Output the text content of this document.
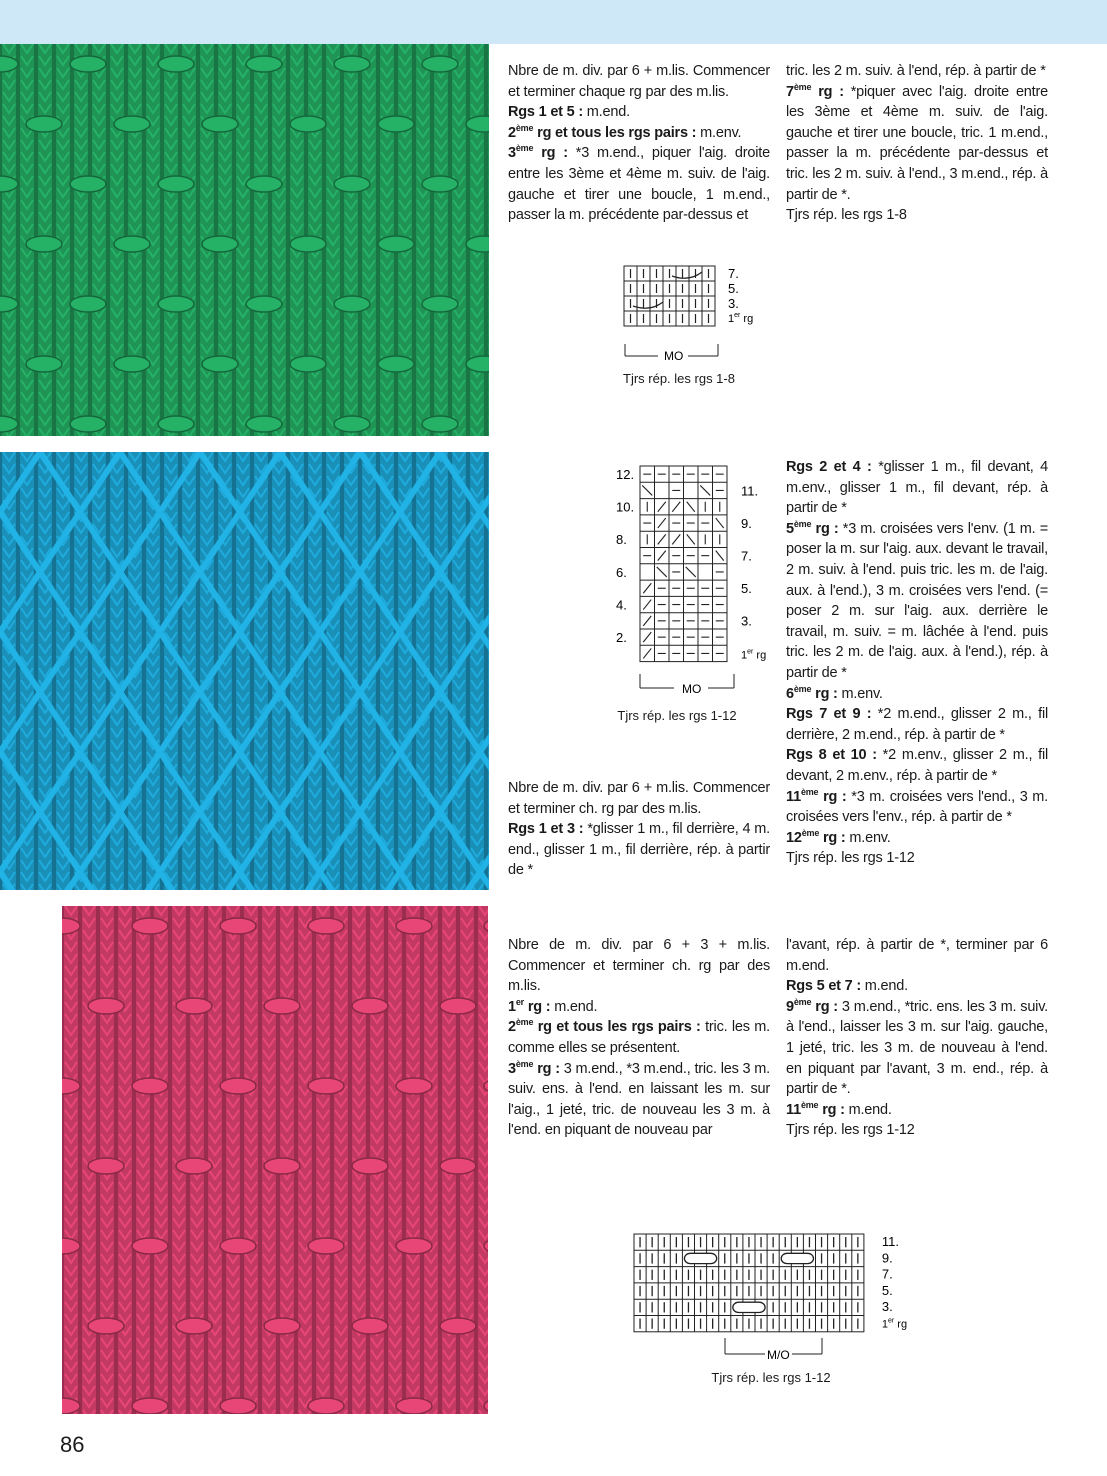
Nbre de m. div. par 6 + m.lis. Commencer et terminer chaque rg par des m.lis.

Rgs 1 et 5 : m.end.

2ème rg et tous les rgs pairs : m.env.

3ème rg : *3 m.end., piquer l'aig. droite entre les 3ème et 4ème m. suiv. de l'aig. gauche et tirer une boucle, 1 m.end., passer la m. précédente par-dessus et

tric. les 2 m. suiv. à l'end, rép. à partir de *

7ème rg : *piquer avec l'aig. droite entre les 3ème et 4ème m. suiv. de l'aig. gauche et tirer une boucle, tric. 1 m.end., passer la m. précédente par-dessus et tric. les 2 m. suiv. à l'end., 3 m.end., rép. à partir de *.

Tjrs rép. les rgs 1-8

7.
5.
3.
1er rg
MO
Tjrs rép. les rgs 1-8
12.
10.
8.
6.
4.
2.
11.
9.
7.
5.
3.
1er rg
MO
Tjrs rép. les rgs 1-12

Nbre de m. div. par 6 + m.lis. Commencer et terminer ch. rg par des m.lis.

Rgs 1 et 3 : *glisser 1 m., fil derrière, 4 m. end., glisser 1 m., fil derrière, rép. à partir de *

Rgs 2 et 4 : *glisser 1 m., fil devant, 4 m.env., glisser 1 m., fil devant, rép. à partir de *

5ème rg : *3 m. croisées vers l'env. (1 m. = poser la m. sur l'aig. aux. devant le travail, 2 m. suiv. à l'end. puis tric. les m. de l'aig. aux. à l'end.), 3 m. croisées vers l'end. (= poser 2 m. sur l'aig. aux. derrière le travail, m. suiv. = m. lâchée à l'end. puis tric. les 2 m. de l'aig. aux. à l'end.), rép. à partir de *

6ème rg : m.env.

Rgs 7 et 9 : *2 m.end., glisser 2 m., fil derrière, 2 m.end., rép. à partir de *

Rgs 8 et 10 : *2 m.env., glisser 2 m., fil devant, 2 m.env., rép. à partir de *

11ème rg : *3 m. croisées vers l'end., 3 m. croisées vers l'env., rép. à partir de *

12ème rg : m.env.

Tjrs rép. les rgs 1-12

Nbre de m. div. par 6 + 3 + m.lis. Commencer et terminer ch. rg par des m.lis.

1er rg : m.end.

2ème rg et tous les rgs pairs : tric. les m. comme elles se présentent.

3ème rg : 3 m.end., *3 m.end., tric. les 3 m. suiv. ens. à l'end. en laissant les m. sur l'aig., 1 jeté, tric. de nouveau les 3 m. à l'end. en piquant de nouveau par

l'avant, rép. à partir de *, terminer par 6 m.end.

Rgs 5 et 7 : m.end.

9ème rg : 3 m.end., *tric. ens. les 3 m. suiv. à l'end., laisser les 3 m. sur l'aig. gauche, 1 jeté, tric. les 3 m. de nouveau à l'end. en piquant par l'avant, 3 m. end., rép. à partir de *.

11ème rg : m.end.

Tjrs rép. les rgs 1-12

11.
9.
7.
5.
3.
1er rg
M/O
Tjrs rép. les rgs 1-12
86
